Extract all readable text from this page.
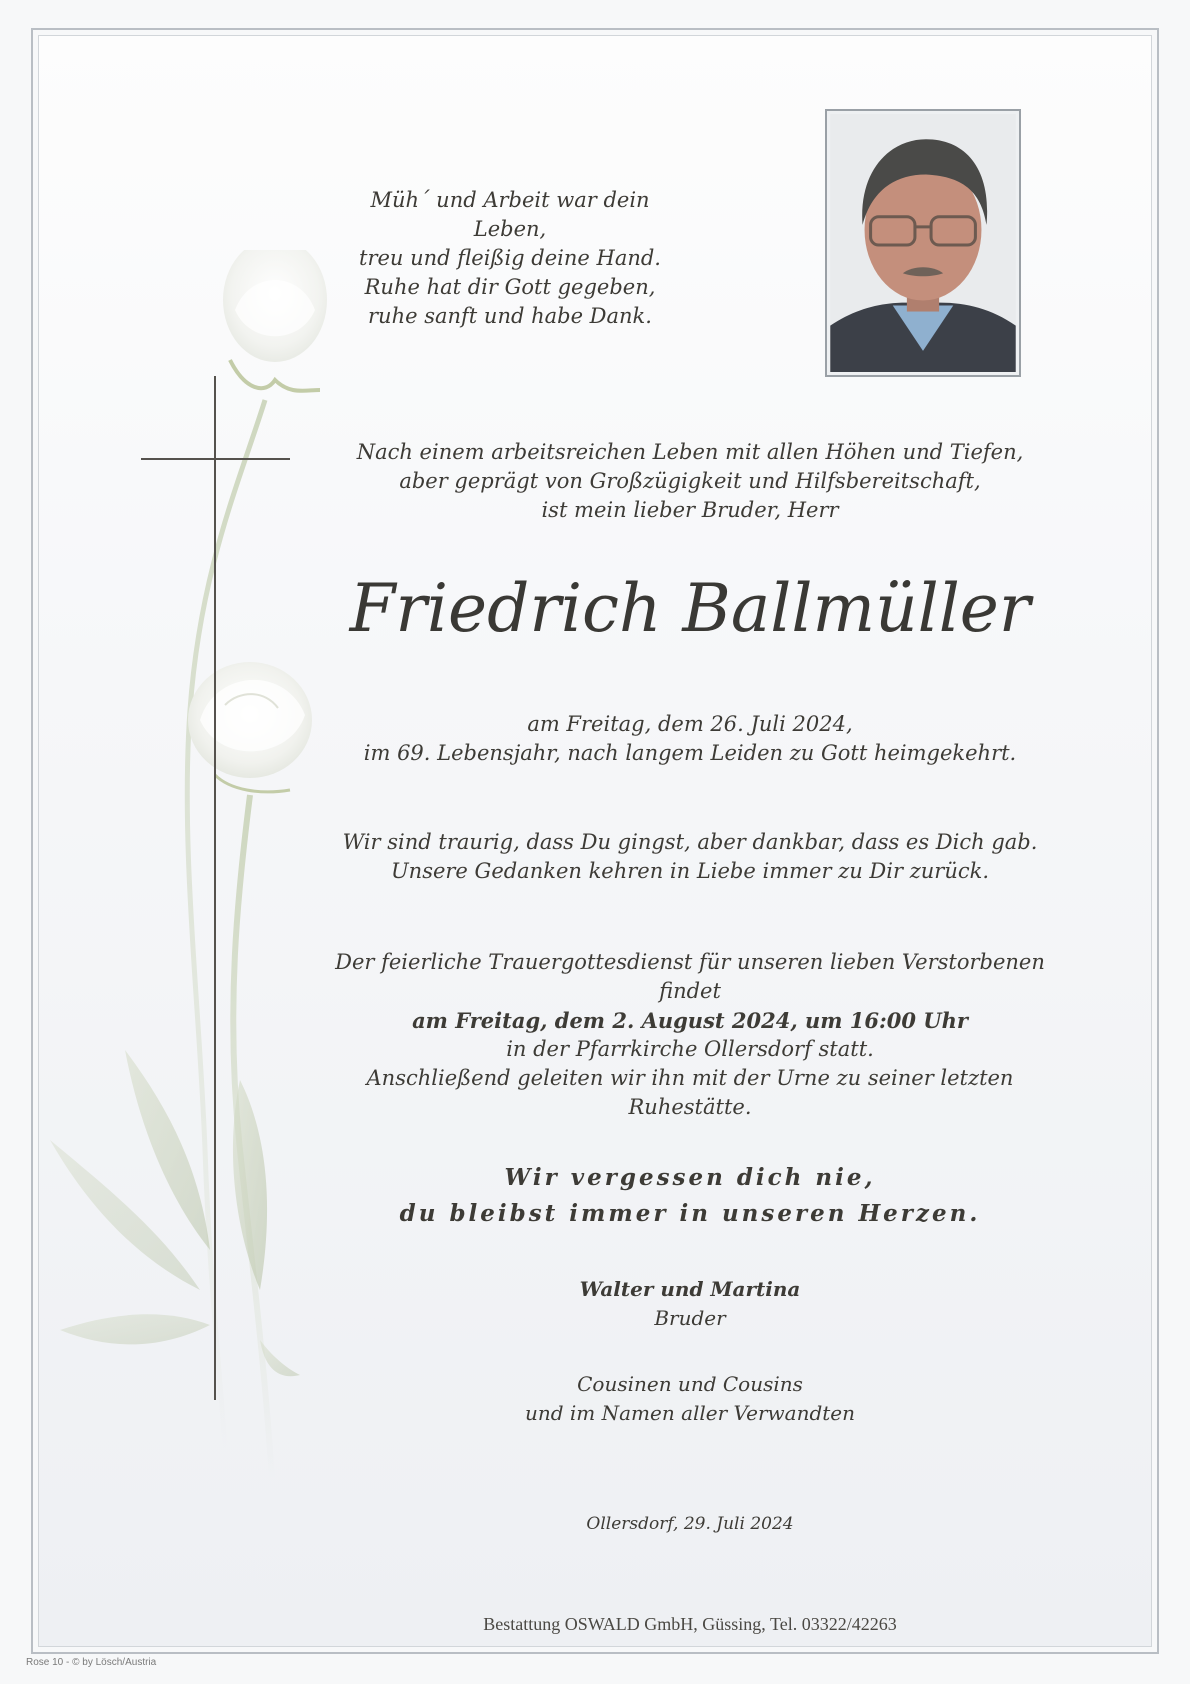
Müh´ und Arbeit war dein Leben,
treu und fleißig deine Hand.
Ruhe hat dir Gott gegeben,
ruhe sanft und habe Dank.
Nach einem arbeitsreichen Leben mit allen Höhen und Tiefen,
aber geprägt von Großzügigkeit und Hilfsbereitschaft,
ist mein lieber Bruder, Herr
Friedrich Ballmüller
am Freitag, dem 26. Juli 2024,
im 69. Lebensjahr, nach langem Leiden zu Gott heimgekehrt.
Wir sind traurig, dass Du gingst, aber dankbar, dass es Dich gab.
Unsere Gedanken kehren in Liebe immer zu Dir zurück.
Der feierliche Trauergottesdienst für unseren lieben Verstorbenen findet
am Freitag, dem 2. August 2024, um 16:00 Uhr
in der Pfarrkirche Ollersdorf statt.
Anschließend geleiten wir ihn mit der Urne zu seiner letzten Ruhestätte.
Wir vergessen dich nie,
du bleibst immer in unseren Herzen.
Walter und Martina
Bruder
Cousinen und Cousins
und im Namen aller Verwandten
Ollersdorf, 29. Juli 2024
Bestattung OSWALD GmbH, Güssing, Tel. 03322/42263
Rose 10 - © by Lösch/Austria
